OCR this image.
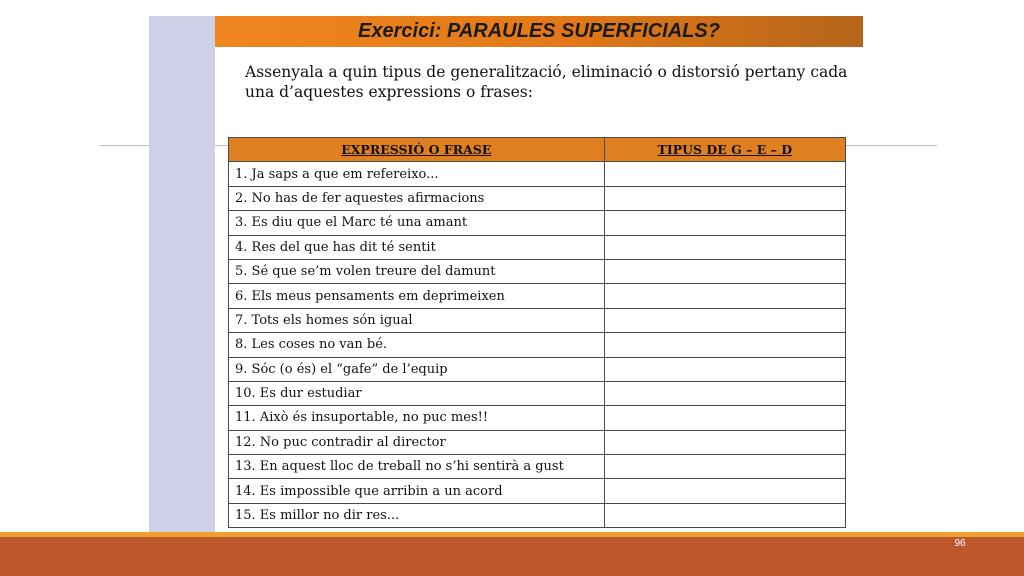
Exercici: PARAULES SUPERFICIALS?
Assenyala a quin tipus de generalització, eliminació o distorsió pertany cada una d’aquestes expressions o frases:
EXPRESSIÓ O FRASE	TIPUS DE G – E – D
1. Ja saps a que em refereixo...	
2. No has de fer aquestes afirmacions	
3. Es diu que el Marc té una amant	
4. Res del que has dit té sentit	
5. Sé que se’m volen treure del damunt	
6. Els meus pensaments em deprimeixen	
7. Tots els homes són igual	
8. Les coses no van bé.	
9. Sóc (o és) el “gafe” de l’equip	
10. Es dur estudiar	
11. Això és insuportable, no puc mes!!	
12. No puc contradir al director	
13. En aquest lloc de treball no s’hi sentirà a gust	
14. Es impossible que arribin a un acord	
15. Es millor no dir res...	
96
